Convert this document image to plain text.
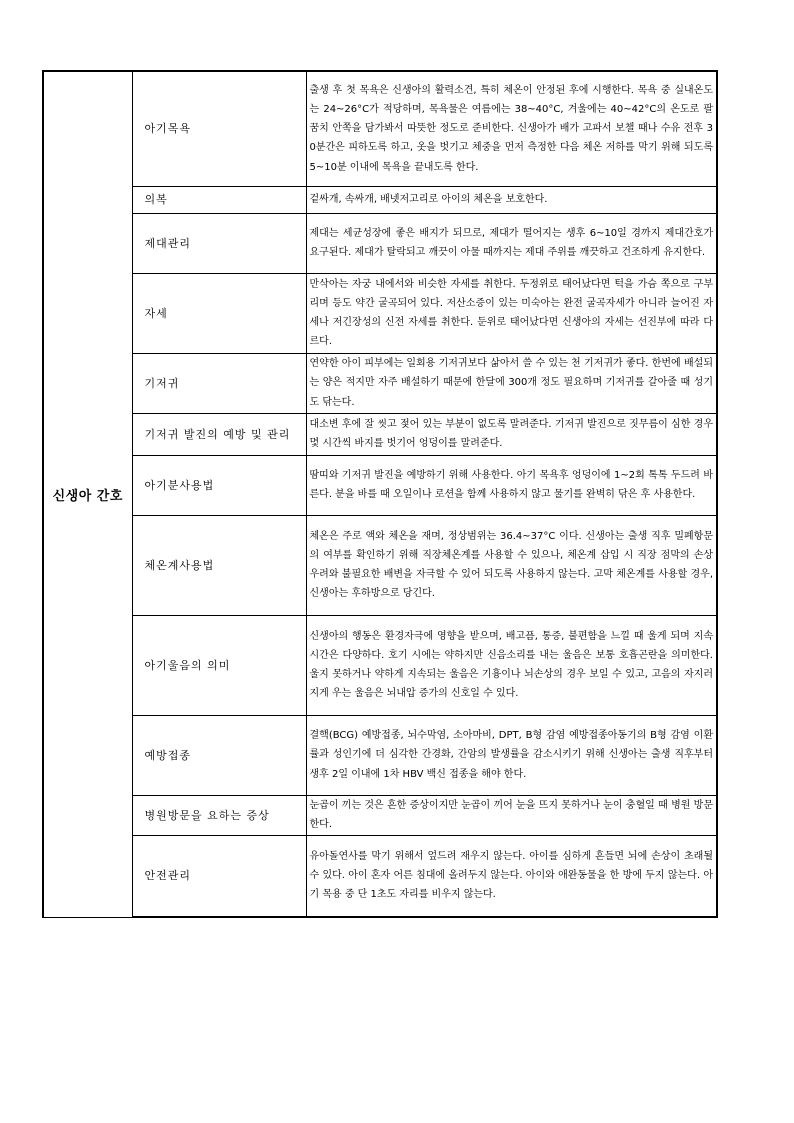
신생아 간호	아기목욕	출생 후 첫 목욕은 신생아의 활력소견, 특히 체온이 안정된 후에 시행한다. 목욕 중 실내온도는 24~26°C가 적당하며, 목욕물은 여름에는 38~40°C, 겨울에는 40~42°C의 온도로 팔꿈치 안쪽을 담가봐서 따뜻한 정도로 준비한다. 신생아가 배가 고파서 보챌 때나 수유 전후 30분간은 피하도록 하고, 옷을 벗기고 체중을 먼저 측정한 다음 체온 저하를 막기 위해 되도록 5~10분 이내에 목욕을 끝내도록 한다.
	의복	겉싸개, 속싸개, 배넷저고리로 아이의 체온을 보호한다.
	제대관리	제대는 세균성장에 좋은 배지가 되므로, 제대가 떨어지는 생후 6~10일 경까지 제대간호가 요구된다. 제대가 탈락되고 깨끗이 아물 때까지는 제대 주위를 깨끗하고 건조하게 유지한다.
	자세	만삭아는 자궁 내에서와 비슷한 자세를 취한다. 두정위로 태어났다면 턱을 가슴 쪽으로 구부리며 등도 약간 굴곡되어 있다. 저산소증이 있는 미숙아는 완전 굴곡자세가 아니라 늘어진 자세나 저긴장성의 신전 자세를 취한다. 둔위로 태어났다면 신생아의 자세는 선진부에 따라 다르다.
	기저귀	연약한 아이 피부에는 일회용 기저귀보다 삶아서 쓸 수 있는 천 기저귀가 좋다. 한번에 배설되는 양은 적지만 자주 배설하기 때문에 한달에 300개 정도 필요하며 기저귀를 갈아줄 때 성기도 닦는다.
	기저귀 발진의 예방 및 관리	대소변 후에 잘 씻고 젖어 있는 부분이 없도록 말려준다. 기저귀 발진으로 짓무름이 심한 경우 몇 시간씩 바지를 벗기어 엉덩이를 말려준다.
	아기분사용법	땀띠와 기저귀 발진을 예방하기 위해 사용한다. 아기 목욕후 엉덩이에 1~2회 톡톡 두드려 바른다. 분을 바를 때 오일이나 로션을 함께 사용하지 않고 물기를 완벽히 닦은 후 사용한다.
	체온계사용법	체온은 주로 액와 체온을 재며, 정상범위는 36.4~37°C 이다. 신생아는 출생 직후 밀폐항문의 여부를 확인하기 위해 직장체온계를 사용할 수 있으나, 체온계 삽입 시 직장 점막의 손상 우려와 불필요한 배변을 자극할 수 있어 되도록 사용하지 않는다. 고막 체온계를 사용할 경우, 신생아는 후하방으로 당긴다.
	아기울음의 의미	신생아의 행동은 환경자극에 영향을 받으며, 배고픔, 통증, 불편함을 느낄 때 울게 되며 지속시간은 다양하다. 호기 시에는 약하지만 신음소리를 내는 울음은 보통 호흡곤란을 의미한다. 울지 못하거나 약하게 지속되는 울음은 기흉이나 뇌손상의 경우 보일 수 있고, 고음의 자지러지게 우는 울음은 뇌내압 증가의 신호일 수 있다.
	예방접종	결핵(BCG) 예방접종, 뇌수막염, 소아마비, DPT, B형 감염 예방접종아동기의 B형 감염 이환률과 성인기에 더 심각한 간경화, 간암의 발생률을 감소시키기 위해 신생아는 출생 직후부터 생후 2일 이내에 1차 HBV 백신 접종을 해야 한다.
	병원방문을 요하는 증상	눈곱이 끼는 것은 흔한 증상이지만 눈곱이 끼어 눈을 뜨지 못하거나 눈이 충혈일 때 병원 방문한다.
	안전관리	유아돌연사를 막기 위해서 엎드려 재우지 않는다. 아이를 심하게 흔들면 뇌에 손상이 초래될 수 있다. 아이 혼자 어른 침대에 올려두지 않는다. 아이와 애완동물을 한 방에 두지 않는다. 아기 목용 중 단 1초도 자리를 비우지 않는다.
